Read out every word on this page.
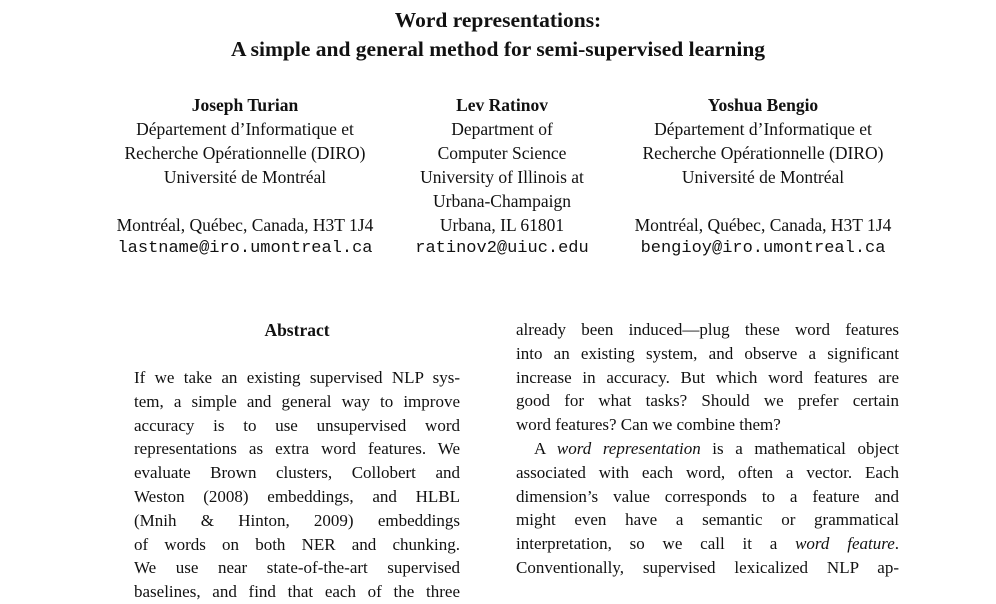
Word representations:
A simple and general method for semi-supervised learning
Joseph Turian
Département d’Informatique et
Recherche Opérationnelle (DIRO)
Université de Montréal

Montréal, Québec, Canada, H3T 1J4
lastname@iro.umontreal.ca
Lev Ratinov
Department of
Computer Science
University of Illinois at
Urbana-Champaign
Urbana, IL 61801
ratinov2@uiuc.edu
Yoshua Bengio
Département d’Informatique et
Recherche Opérationnelle (DIRO)
Université de Montréal

Montréal, Québec, Canada, H3T 1J4
bengioy@iro.umontreal.ca
Abstract
If we take an existing supervised NLP sys-
tem, a simple and general way to improve
accuracy is to use unsupervised word
representations as extra word features. We
evaluate Brown clusters, Collobert and
Weston (2008) embeddings, and HLBL
(Mnih & Hinton, 2009) embeddings
of words on both NER and chunking.
We use near state-of-the-art supervised
baselines, and find that each of the three
already been induced—plug these word features
into an existing system, and observe a significant
increase in accuracy. But which word features are
good for what tasks? Should we prefer certain
word features? Can we combine them?
A word representation is a mathematical object
associated with each word, often a vector. Each
dimension’s value corresponds to a feature and
might even have a semantic or grammatical
interpretation, so we call it a word feature.
Conventionally, supervised lexicalized NLP ap-
